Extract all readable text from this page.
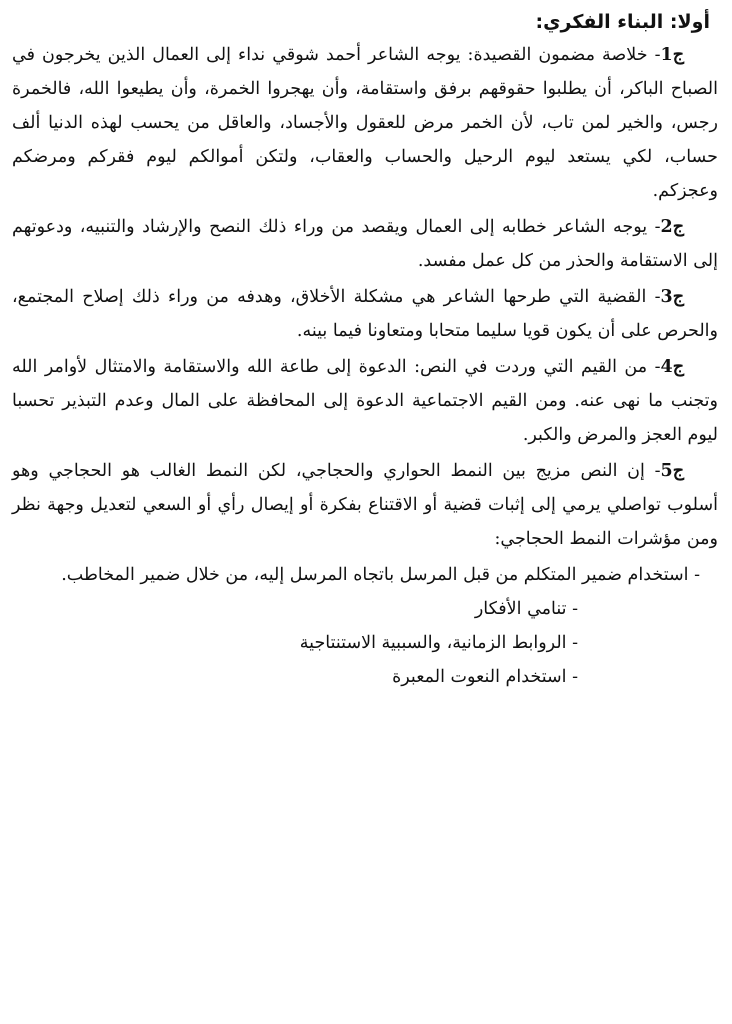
أولا: البناء الفكري:

ج1- خلاصة مضمون القصيدة: يوجه الشاعر أحمد شوقي نداء إلى العمال الذين يخرجون في الصباح الباكر، أن يطلبوا حقوقهم برفق واستقامة، وأن يهجروا الخمرة، وأن يطيعوا الله، فالخمرة رجس، والخير لمن تاب، لأن الخمر مرض للعقول والأجساد، والعاقل من يحسب لهذه الدنيا ألف حساب، لكي يستعد ليوم الرحيل والحساب والعقاب، ولتكن أموالكم ليوم فقركم ومرضكم وعجزكم.

ج2- يوجه الشاعر خطابه إلى العمال ويقصد من وراء ذلك النصح والإرشاد والتنبيه، ودعوتهم إلى الاستقامة والحذر من كل عمل مفسد.

ج3- القضية التي طرحها الشاعر هي مشكلة الأخلاق، وهدفه من وراء ذلك إصلاح المجتمع، والحرص على أن يكون قويا سليما متحابا ومتعاونا فيما بينه.

ج4- من القيم التي وردت في النص: الدعوة إلى طاعة الله والاستقامة والامتثال لأوامر الله وتجنب ما نهى عنه. ومن القيم الاجتماعية الدعوة إلى المحافظة على المال وعدم التبذير تحسبا ليوم العجز والمرض والكبر.

ج5- إن النص مزيج بين النمط الحواري والحجاجي، لكن النمط الغالب هو الحجاجي وهو أسلوب تواصلي يرمي إلى إثبات قضية أو الاقتناع بفكرة أو إيصال رأي أو السعي لتعديل وجهة نظر ومن مؤشرات النمط الحجاجي:

- استخدام ضمير المتكلم من قبل المرسل باتجاه المرسل إليه، من خلال ضمير المخاطب.

- تنامي الأفكار
- الروابط الزمانية، والسببية الاستنتاجية
- استخدام النعوت المعبرة
